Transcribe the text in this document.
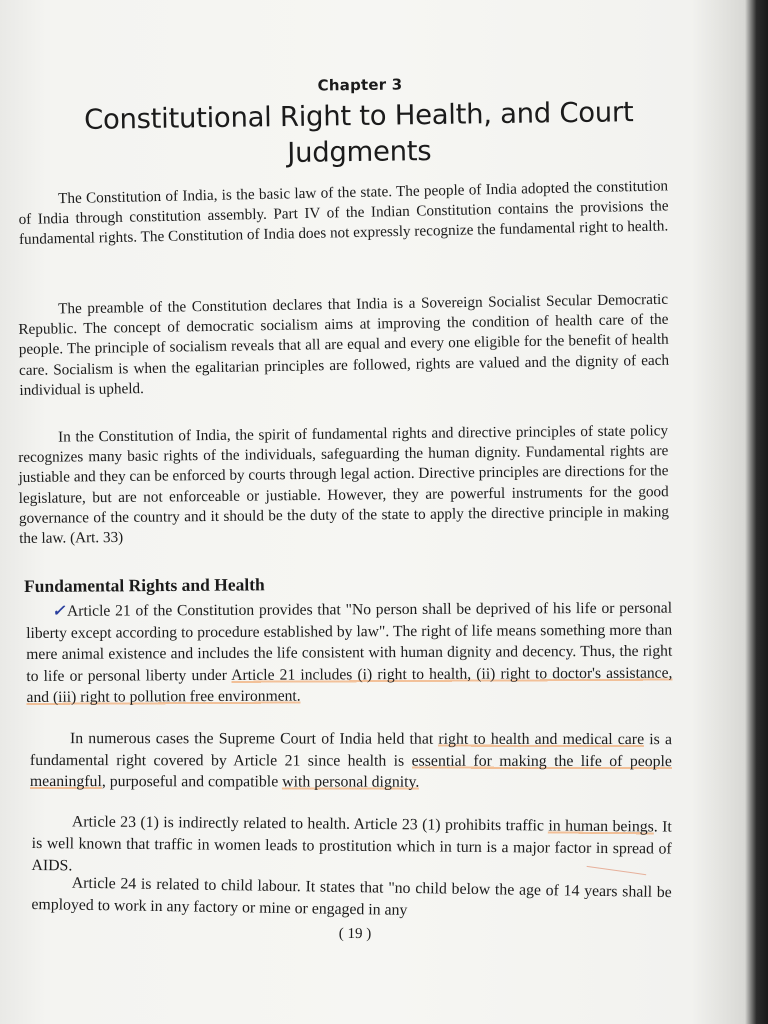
Chapter 3
Constitutional Right to Health, and Court
Judgments

The Constitution of India, is the basic law of the state. The people of India adopted the constitution of India through constitution assembly. Part IV of the Indian Constitution contains the provisions the fundamental rights. The Constitution of India does not expressly recognize the fundamental right to health.

The preamble of the Constitution declares that India is a Sovereign Socialist Secular Democratic Republic. The concept of democratic socialism aims at improving the condition of health care of the people. The principle of socialism reveals that all are equal and every one eligible for the benefit of health care. Socialism is when the egalitarian principles are followed, rights are valued and the dignity of each individual is upheld.

In the Constitution of India, the spirit of fundamental rights and directive principles of state policy recognizes many basic rights of the individuals, safeguarding the human dignity. Fundamental rights are justiable and they can be enforced by courts through legal action. Directive principles are directions for the legislature, but are not enforceable or justiable. However, they are powerful instruments for the good governance of the country and it should be the duty of the state to apply the directive principle in making the law. (Art. 33)

Fundamental Rights and Health

✓Article 21 of the Constitution provides that "No person shall be deprived of his life or personal liberty except according to procedure established by law". The right of life means something more than mere animal existence and includes the life consistent with human dignity and decency. Thus, the right to life or personal liberty under Article 21 includes (i) right to health, (ii) right to doctor's assistance, and (iii) right to pollution free environment.

In numerous cases the Supreme Court of India held that right to health and medical care is a fundamental right covered by Article 21 since health is essential for making the life of people meaningful, purposeful and compatible with personal dignity.

Article 23 (1) is indirectly related to health. Article 23 (1) prohibits traffic in human beings. It is well known that traffic in women leads to prostitution which in turn is a major factor in spread of AIDS.

Article 24 is related to child labour. It states that "no child below the age of 14 years shall be employed to work in any factory or mine or engaged in any

( 19 )
